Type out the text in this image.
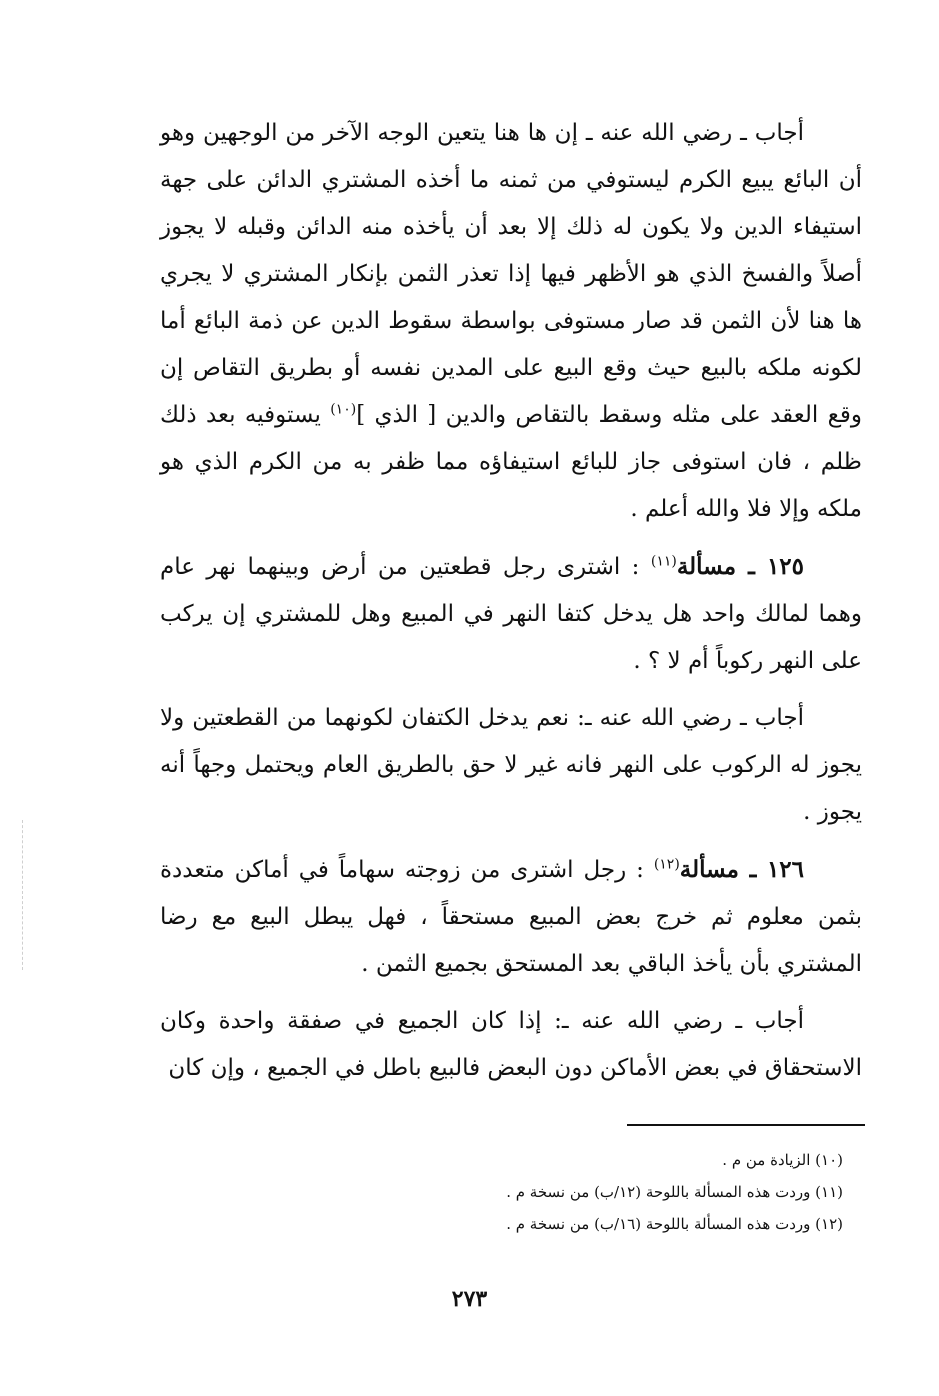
أجاب ـ رضي الله عنه ـ إن ها هنا يتعين الوجه الآخر من الوجهين وهو أن البائع يبيع الكرم ليستوفي من ثمنه ما أخذه المشتري الدائن على جهة استيفاء الدين ولا يكون له ذلك إلا بعد أن يأخذه منه الدائن وقبله لا يجوز أصلاً والفسخ الذي هو الأظهر فيها إذا تعذر الثمن بإنكار المشتري لا يجري ها هنا لأن الثمن قد صار مستوفى بواسطة سقوط الدين عن ذمة البائع أما لكونه ملكه بالبيع حيث وقع البيع على المدين نفسه أو بطريق التقاص إن وقع العقد على مثله وسقط بالتقاص والدين [ الذي ]$^{(١٠)}$ يستوفيه بعد ذلك ظلم ، فان استوفى جاز للبائع استيفاؤه مما ظفر به من الكرم الذي هو ملكه وإلا فلا والله أعلم .

١٢٥ ـ مسألة$^{(١١)}$ : اشترى رجل قطعتين من أرض وبينهما نهر عام وهما لمالك واحد هل يدخل كتفا النهر في المبيع وهل للمشتري إن يركب على النهر ركوباً أم لا ؟ .

أجاب ـ رضي الله عنه ـ: نعم يدخل الكتفان لكونهما من القطعتين ولا يجوز له الركوب على النهر فانه غير لا حق بالطريق العام ويحتمل وجهاً أنه يجوز .

١٢٦ ـ مسألة$^{(١٢)}$ : رجل اشترى من زوجته سهاماً في أماكن متعددة بثمن معلوم ثم خرج بعض المبيع مستحقاً ، فهل يبطل البيع مع رضا المشتري بأن يأخذ الباقي بعد المستحق بجميع الثمن .

أجاب ـ رضي الله عنه ـ: إذا كان الجميع في صفقة واحدة وكان الاستحقاق في بعض الأماكن دون البعض فالبيع باطل في الجميع ، وإن كان

(١٠) الزيادة من م .

(١١) وردت هذه المسألة باللوحة (١٢/ب) من نسخة م .

(١٢) وردت هذه المسألة باللوحة (١٦/ب) من نسخة م .

٢٧٣
